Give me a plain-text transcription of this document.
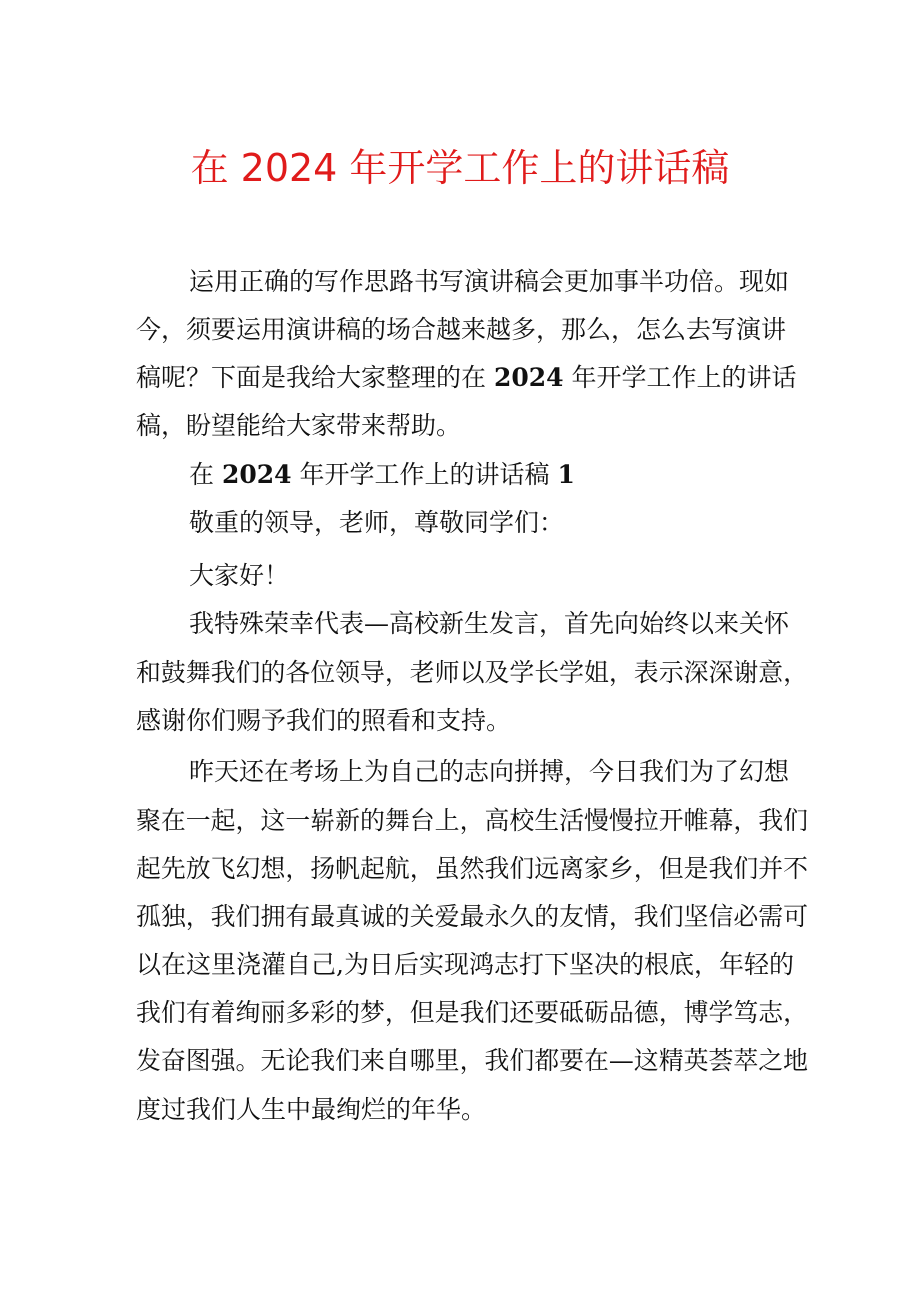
在 2024 年开学工作上的讲话稿
运用正确的写作思路书写演讲稿会更加事半功倍。现如
今，须要运用演讲稿的场合越来越多，那么，怎么去写演讲
稿呢？下面是我给大家整理的在 2024 年开学工作上的讲话
稿，盼望能给大家带来帮助。
在 2024 年开学工作上的讲话稿 1
敬重的领导，老师，尊敬同学们：
大家好！
我特殊荣幸代表—高校新生发言，首先向始终以来关怀
和鼓舞我们的各位领导，老师以及学长学姐，表示深深谢意，
感谢你们赐予我们的照看和支持。
昨天还在考场上为自己的志向拼搏，今日我们为了幻想
聚在一起，这一崭新的舞台上，高校生活慢慢拉开帷幕，我们
起先放飞幻想，扬帆起航，虽然我们远离家乡，但是我们并不
孤独，我们拥有最真诚的关爱最永久的友情，我们坚信必需可
以在这里浇灌自己,为日后实现鸿志打下坚决的根底，年轻的
我们有着绚丽多彩的梦，但是我们还要砥砺品德，博学笃志，
发奋图强。无论我们来自哪里，我们都要在—这精英荟萃之地
度过我们人生中最绚烂的年华。
